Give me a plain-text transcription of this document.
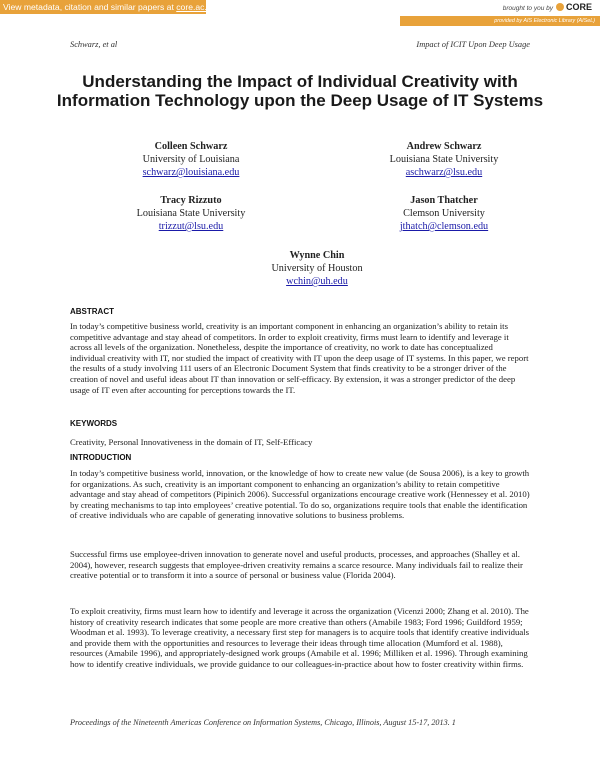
View metadata, citation and similar papers at core.ac.uk	brought to you by CORE
provided by AIS Electronic Library (AISeL)
Schwarz, et al	Impact of ICIT Upon Deep Usage
Understanding the Impact of Individual Creativity with Information Technology upon the Deep Usage of IT Systems
Colleen Schwarz
University of Louisiana
schwarz@louisiana.edu
Andrew Schwarz
Louisiana State University
aschwarz@lsu.edu
Tracy Rizzuto
Louisiana State University
trizzut@lsu.edu
Jason Thatcher
Clemson University
jthatch@clemson.edu
Wynne Chin
University of Houston
wchin@uh.edu
ABSTRACT
In today’s competitive business world, creativity is an important component in enhancing an organization’s ability to retain its competitive advantage and stay ahead of competitors. In order to exploit creativity, firms must learn to identify and leverage it across all levels of the organization. Nonetheless, despite the importance of creativity, no work to date has conceptualized individual creativity with IT, nor studied the impact of creativity with IT upon the deep usage of IT systems. In this paper, we report the results of a study involving 111 users of an Electronic Document System that finds creativity to be a stronger driver of the creation of novel and useful ideas about IT than innovation or self-efficacy. By extension, it was a stronger predictor of the deep usage of IT even after accounting for perceptions towards the IT.
KEYWORDS
Creativity, Personal Innovativeness in the domain of IT, Self-Efficacy
INTRODUCTION
In today’s competitive business world, innovation, or the knowledge of how to create new value (de Sousa 2006), is a key to growth for organizations. As such, creativity is an important component to enhancing an organization’s ability to retain competitive advantage and stay ahead of competitors (Pipinich 2006). Successful organizations encourage creative work (Hennessey et al. 2010) by creating mechanisms to tap into employees’ creative potential. To do so, organizations require tools that enable the identification of creative individuals who are capable of generating innovative solutions to business problems.
Successful firms use employee-driven innovation to generate novel and useful products, processes, and approaches (Shalley et al. 2004), however, research suggests that employee-driven creativity remains a scarce resource. Many individuals fail to realize their creative potential or to transform it into a source of personal or business value (Florida 2004).
To exploit creativity, firms must learn how to identify and leverage it across the organization (Vicenzi 2000; Zhang et al. 2010). The history of creativity research indicates that some people are more creative than others (Amabile 1983; Ford 1996; Guildford 1959; Woodman et al. 1993). To leverage creativity, a necessary first step for managers is to acquire tools that identify creative individuals and provide them with the opportunities and resources to leverage their ideas through time allocation (Mumford et al. 1988), resources (Amabile 1996), and appropriately-designed work groups (Amabile et al. 1996; Milliken et al. 1996). Through examining how to identify creative individuals, we provide guidance to our colleagues-in-practice about how to foster creativity within firms.
Proceedings of the Nineteenth Americas Conference on Information Systems, Chicago, Illinois, August 15-17, 2013. 1
